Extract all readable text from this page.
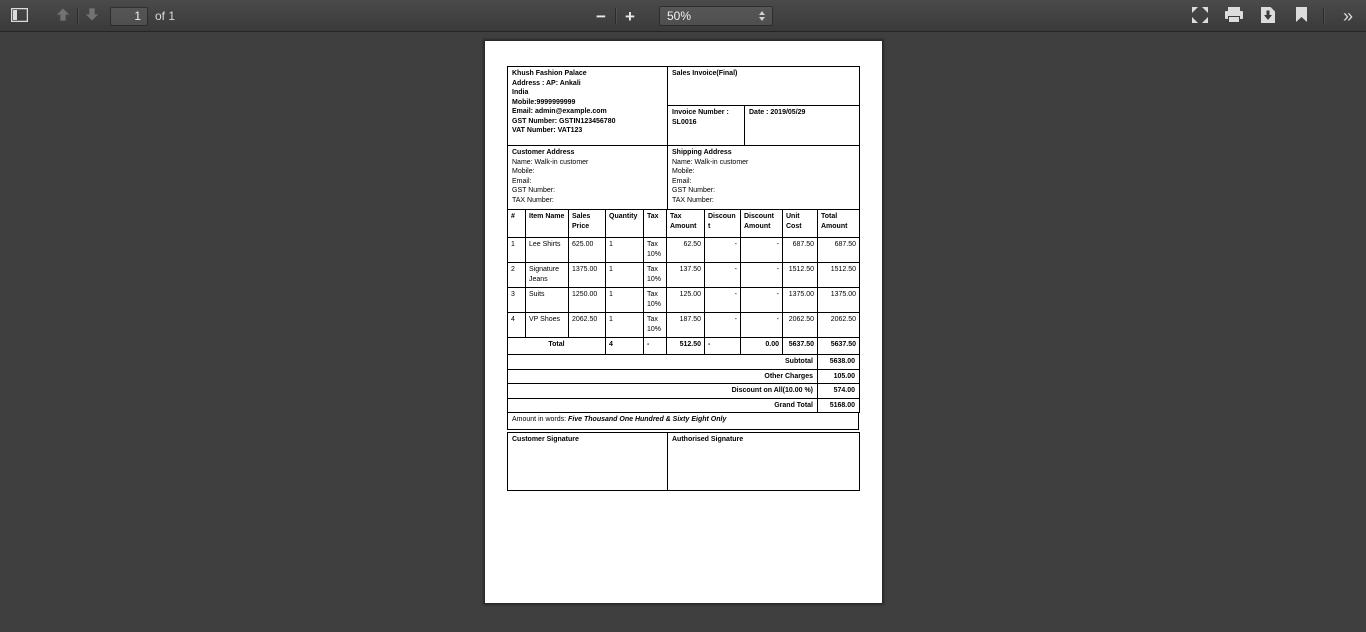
1
of 1	− +	50%	»
Khush Fashion Palace
Address : AP: Ankali
India
Mobile:9999999999
Email: admin@example.com
GST Number: GSTIN123456780
VAT Number: VAT123
	Sales Invoice(Final)

	Invoice Number :
SL0016	Date : 2019/05/29
Customer Address
Name: Walk-in customer
Mobile:
Email:
GST Number:
TAX Number:

Shipping Address
Name: Walk-in customer
Mobile:
Email:
GST Number:
TAX Number:
#	Item Name	Sales Price	Quantity	Tax	Tax Amount	Discount	Discount Amount	Unit Cost	Total Amount
1	Lee Shirts	625.00	1	Tax 10%	62.50	-	-	687.50	687.50
2	Signature Jeans	1375.00	1	Tax 10%	137.50	-	-	1512.50	1512.50
3	Suits	1250.00	1	Tax 10%	125.00	-	-	1375.00	1375.00
4	VP Shoes	2062.50	1	Tax 10%	187.50	-	-	2062.50	2062.50
Total			4	-	512.50	-	0.00	5637.50	5637.50
Subtotal	5638.00
Other Charges	105.00
Discount on All(10.00 %)	574.00
Grand Total	5168.00
Amount in words: Five Thousand One Hundred & Sixty Eight Only
Customer Signature	Authorised Signature
